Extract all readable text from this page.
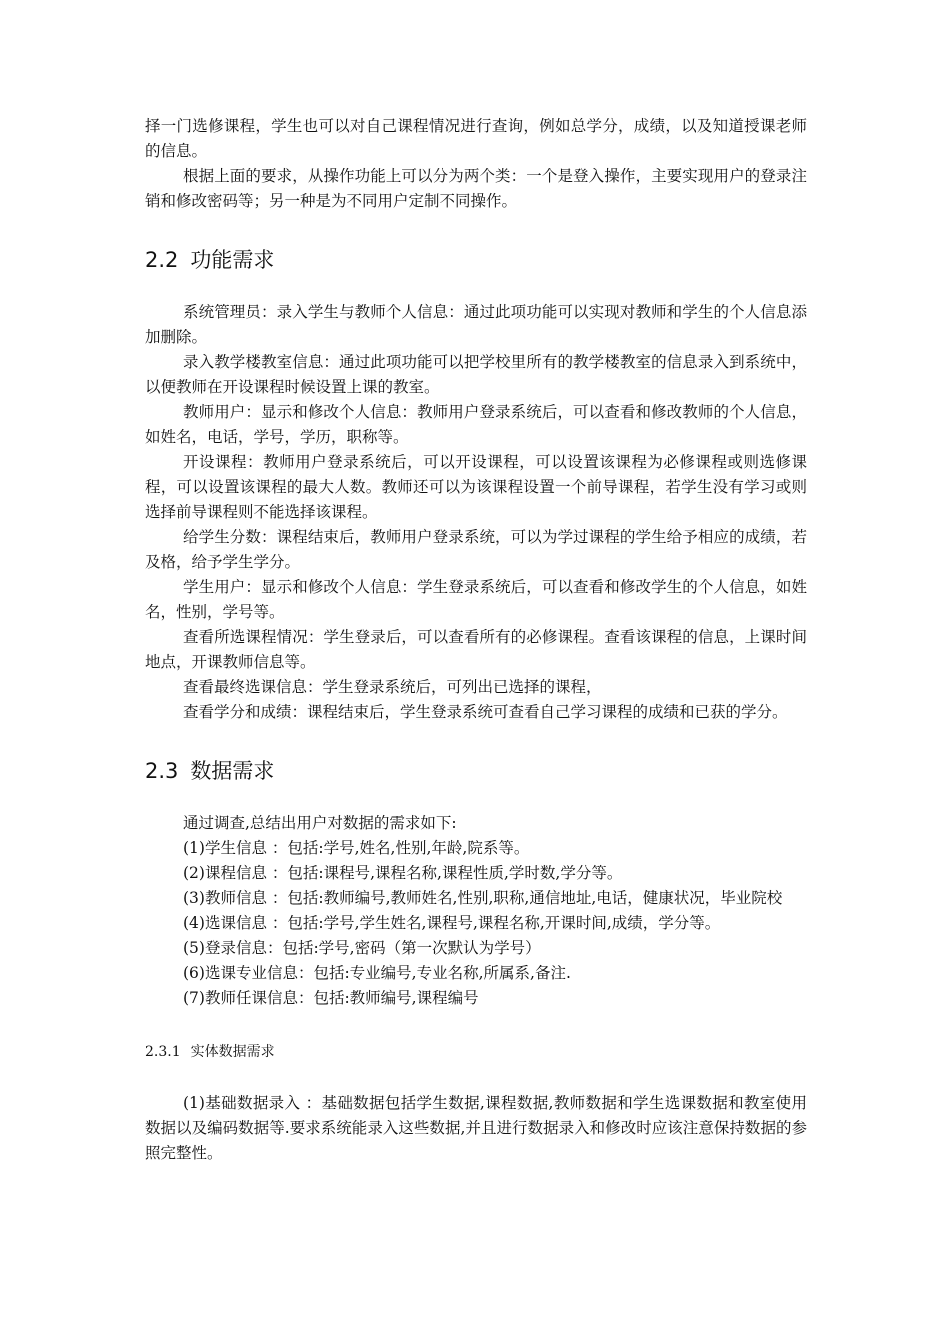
择一门选修课程，学生也可以对自己课程情况进行查询，例如总学分，成绩，以及知道授课老师的信息。

根据上面的要求，从操作功能上可以分为两个类：一个是登入操作，主要实现用户的登录注销和修改密码等；另一种是为不同用户定制不同操作。

2.2 功能需求

系统管理员：录入学生与教师个人信息：通过此项功能可以实现对教师和学生的个人信息添加删除。

录入教学楼教室信息：通过此项功能可以把学校里所有的教学楼教室的信息录入到系统中，以便教师在开设课程时候设置上课的教室。

教师用户：显示和修改个人信息：教师用户登录系统后，可以查看和修改教师的个人信息，如姓名，电话，学号，学历，职称等。

开设课程：教师用户登录系统后，可以开设课程，可以设置该课程为必修课程或则选修课程，可以设置该课程的最大人数。教师还可以为该课程设置一个前导课程，若学生没有学习或则选择前导课程则不能选择该课程。

给学生分数：课程结束后，教师用户登录系统，可以为学过课程的学生给予相应的成绩，若及格，给予学生学分。

学生用户：显示和修改个人信息：学生登录系统后，可以查看和修改学生的个人信息，如姓名，性别，学号等。

查看所选课程情况：学生登录后，可以查看所有的必修课程。查看该课程的信息，上课时间地点，开课教师信息等。

查看最终选课信息：学生登录系统后，可列出已选择的课程，

查看学分和成绩：课程结束后，学生登录系统可查看自己学习课程的成绩和已获的学分。

2.3 数据需求

通过调查,总结出用户对数据的需求如下:

(1)学生信息 ：包括:学号,姓名,性别,年龄,院系等。

(2)课程信息 ：包括:课程号,课程名称,课程性质,学时数,学分等。

(3)教师信息 ：包括:教师编号,教师姓名,性别,职称,通信地址,电话，健康状况，毕业院校

(4)选课信息 ：包括:学号,学生姓名,课程号,课程名称,开课时间,成绩，学分等。

(5)登录信息：包括:学号,密码（第一次默认为学号）

(6)选课专业信息：包括:专业编号,专业名称,所属系,备注.

(7)教师任课信息：包括:教师编号,课程编号

2.3.1 实体数据需求

(1)基础数据录入 ：基础数据包括学生数据,课程数据,教师数据和学生选课数据和教室使用数据以及编码数据等.要求系统能录入这些数据,并且进行数据录入和修改时应该注意保持数据的参照完整性。
